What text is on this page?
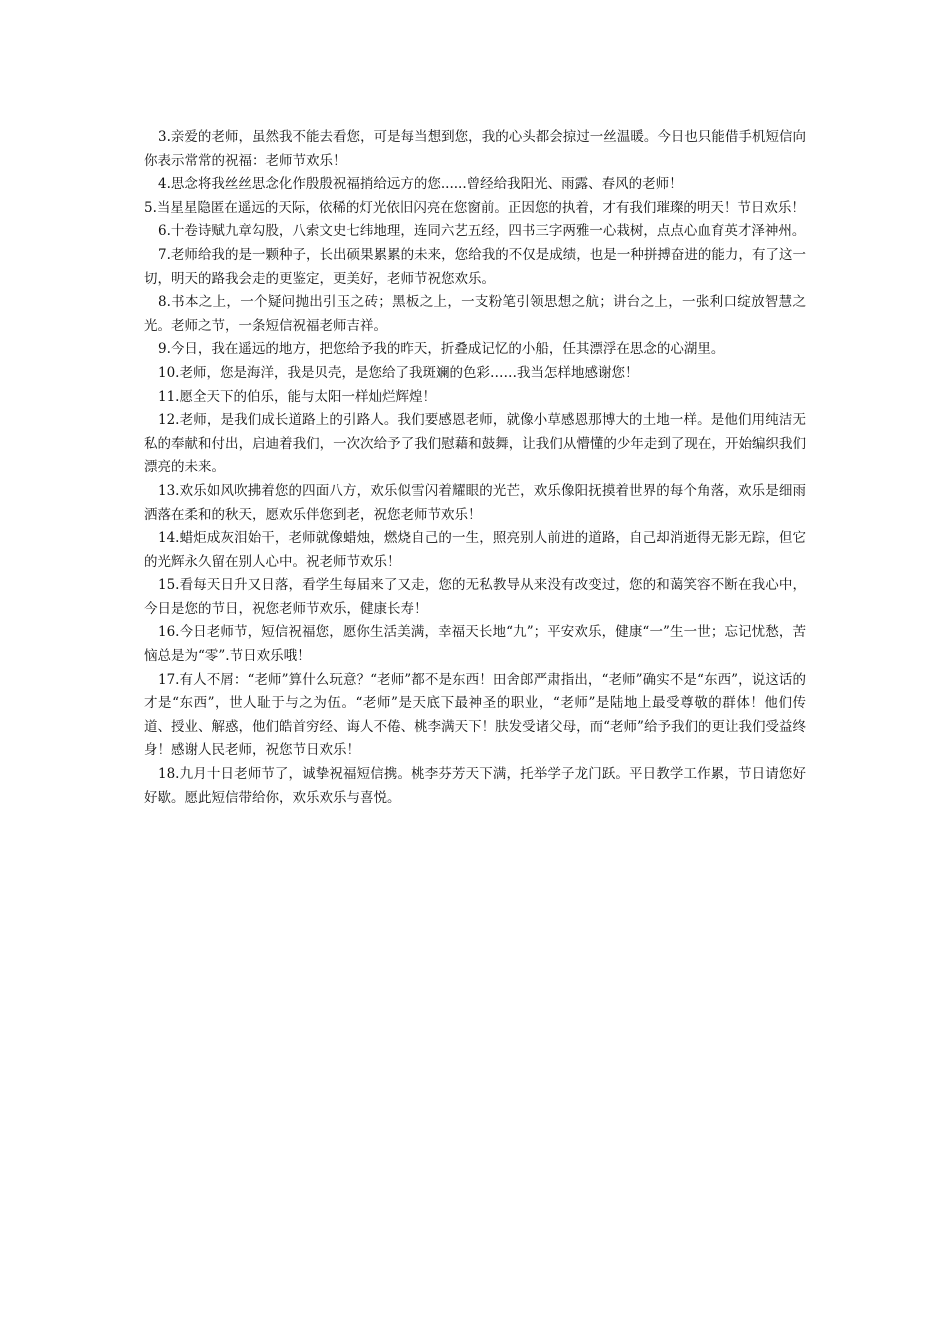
3.亲爱的老师，虽然我不能去看您，可是每当想到您，我的心头都会掠过一丝温暖。今日也只能借手机短信向你表示常常的祝福：老师节欢乐！

4.思念将我丝丝思念化作殷殷祝福捎给远方的您......曾经给我阳光、雨露、春风的老师！

5.当星星隐匿在遥远的天际，依稀的灯光依旧闪亮在您窗前。正因您的执着，才有我们璀璨的明天！节日欢乐！

6.十卷诗赋九章勾股，八索文史七纬地理，连同六艺五经，四书三字两雅一心栽树，点点心血育英才泽神州。

7.老师给我的是一颗种子，长出硕果累累的未来，您给我的不仅是成绩，也是一种拼搏奋进的能力，有了这一切，明天的路我会走的更鉴定，更美好，老师节祝您欢乐。

8.书本之上，一个疑问抛出引玉之砖；黑板之上，一支粉笔引领思想之航；讲台之上，一张利口绽放智慧之光。老师之节，一条短信祝福老师吉祥。

9.今日，我在遥远的地方，把您给予我的昨天，折叠成记忆的小船，任其漂浮在思念的心湖里。

10.老师，您是海洋，我是贝壳，是您给了我斑斓的色彩……我当怎样地感谢您！

11.愿全天下的伯乐，能与太阳一样灿烂辉煌！

12.老师，是我们成长道路上的引路人。我们要感恩老师，就像小草感恩那博大的土地一样。是他们用纯洁无私的奉献和付出，启迪着我们，一次次给予了我们慰藉和鼓舞，让我们从懵懂的少年走到了现在，开始编织我们漂亮的未来。

13.欢乐如风吹拂着您的四面八方，欢乐似雪闪着耀眼的光芒，欢乐像阳抚摸着世界的每个角落，欢乐是细雨洒落在柔和的秋天，愿欢乐伴您到老，祝您老师节欢乐！

14.蜡炬成灰泪始干，老师就像蜡烛，燃烧自己的一生，照亮别人前进的道路，自己却消逝得无影无踪，但它的光辉永久留在别人心中。祝老师节欢乐！

15.看每天日升又日落，看学生每届来了又走，您的无私教导从来没有改变过，您的和蔼笑容不断在我心中，今日是您的节日，祝您老师节欢乐，健康长寿！

16.今日老师节，短信祝福您，愿你生活美满，幸福天长地“九”；平安欢乐，健康“一”生一世；忘记忧愁，苦恼总是为“零”.节日欢乐哦！

17.有人不屑：“老师”算什么玩意？“老师”都不是东西！田舍郎严肃指出，“老师”确实不是“东西”，说这话的才是“东西”，世人耻于与之为伍。“老师”是天底下最神圣的职业，“老师”是陆地上最受尊敬的群体！他们传道、授业、解惑，他们皓首穷经、诲人不倦、桃李满天下！肤发受诸父母，而“老师”给予我们的更让我们受益终身！感谢人民老师，祝您节日欢乐！

18.九月十日老师节了，诚挚祝福短信携。桃李芬芳天下满，托举学子龙门跃。平日教学工作累，节日请您好好歇。愿此短信带给你，欢乐欢乐与喜悦。
